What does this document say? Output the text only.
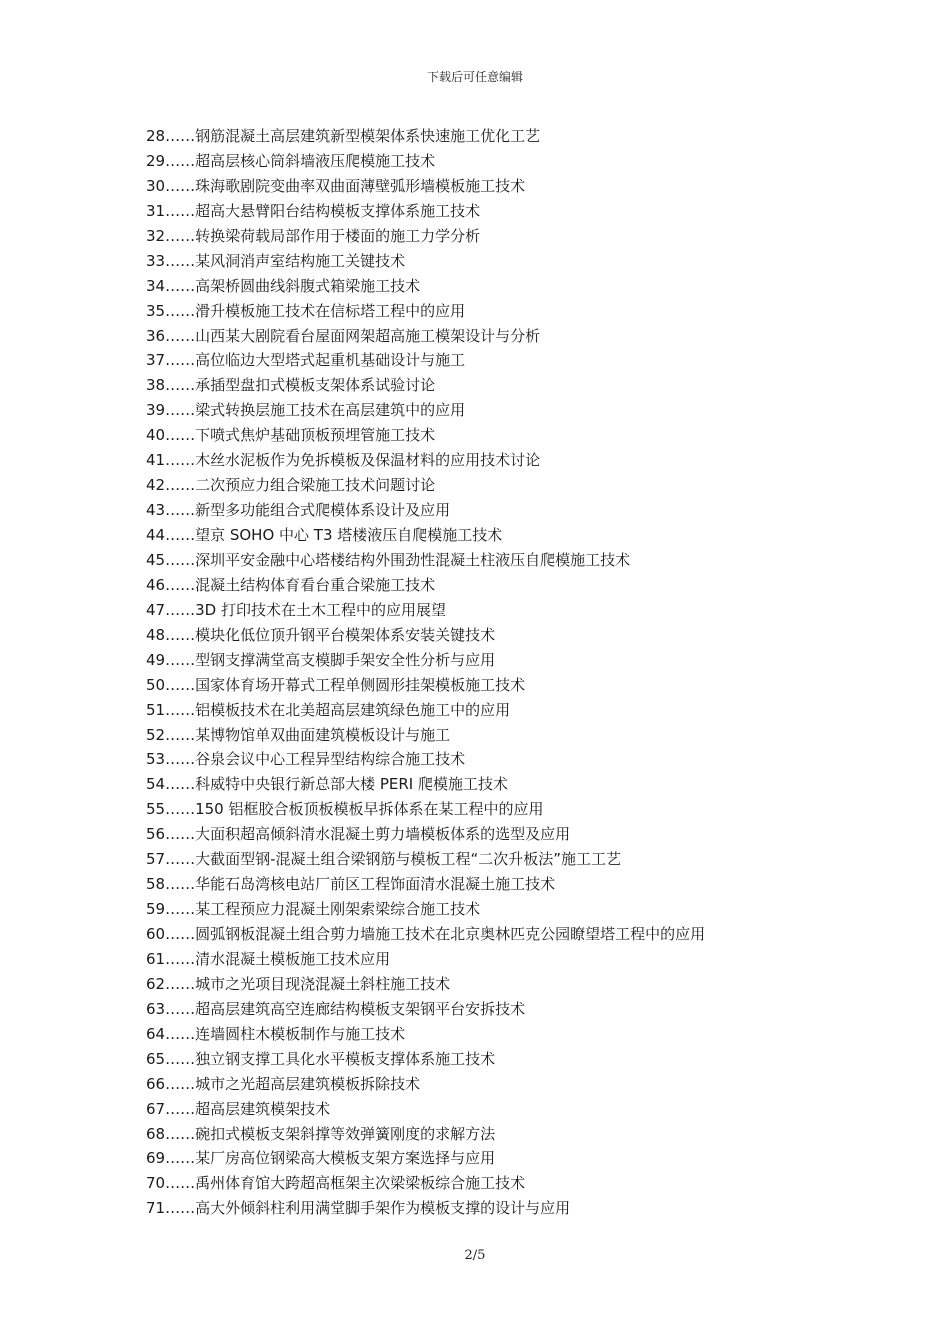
下载后可任意编辑
28……钢筋混凝土高层建筑新型模架体系快速施工优化工艺
29……超高层核心筒斜墙液压爬模施工技术
30……珠海歌剧院变曲率双曲面薄壁弧形墙模板施工技术
31……超高大悬臂阳台结构模板支撑体系施工技术
32……转换梁荷载局部作用于楼面的施工力学分析
33……某风洞消声室结构施工关键技术
34……高架桥圆曲线斜腹式箱梁施工技术
35……滑升模板施工技术在信标塔工程中的应用
36……山西某大剧院看台屋面网架超高施工模架设计与分析
37……高位临边大型塔式起重机基础设计与施工
38……承插型盘扣式模板支架体系试验讨论
39……梁式转换层施工技术在高层建筑中的应用
40……下喷式焦炉基础顶板预埋管施工技术
41……木丝水泥板作为免拆模板及保温材料的应用技术讨论
42……二次预应力组合梁施工技术问题讨论
43……新型多功能组合式爬模体系设计及应用
44……望京 SOHO 中心 T3 塔楼液压自爬模施工技术
45……深圳平安金融中心塔楼结构外围劲性混凝土柱液压自爬模施工技术
46……混凝土结构体育看台重合梁施工技术
47……3D 打印技术在土木工程中的应用展望
48……模块化低位顶升钢平台模架体系安装关键技术
49……型钢支撑满堂高支模脚手架安全性分析与应用
50……国家体育场开幕式工程单侧圆形挂架模板施工技术
51……铝模板技术在北美超高层建筑绿色施工中的应用
52……某博物馆单双曲面建筑模板设计与施工
53……谷泉会议中心工程异型结构综合施工技术
54……科威特中央银行新总部大楼 PERI 爬模施工技术
55……150 铝框胶合板顶板模板早拆体系在某工程中的应用
56……大面积超高倾斜清水混凝土剪力墙模板体系的选型及应用
57……大截面型钢-混凝土组合梁钢筋与模板工程“二次升板法”施工工艺
58……华能石岛湾核电站厂前区工程饰面清水混凝土施工技术
59……某工程预应力混凝土刚架索梁综合施工技术
60……圆弧钢板混凝土组合剪力墙施工技术在北京奥林匹克公园瞭望塔工程中的应用
61……清水混凝土模板施工技术应用
62……城市之光项目现浇混凝土斜柱施工技术
63……超高层建筑高空连廊结构模板支架钢平台安拆技术
64……连墙圆柱木模板制作与施工技术
65……独立钢支撑工具化水平模板支撑体系施工技术
66……城市之光超高层建筑模板拆除技术
67……超高层建筑模架技术
68……碗扣式模板支架斜撑等效弹簧刚度的求解方法
69……某厂房高位钢梁高大模板支架方案选择与应用
70……禹州体育馆大跨超高框架主次梁梁板综合施工技术
71……高大外倾斜柱利用满堂脚手架作为模板支撑的设计与应用
2/5
